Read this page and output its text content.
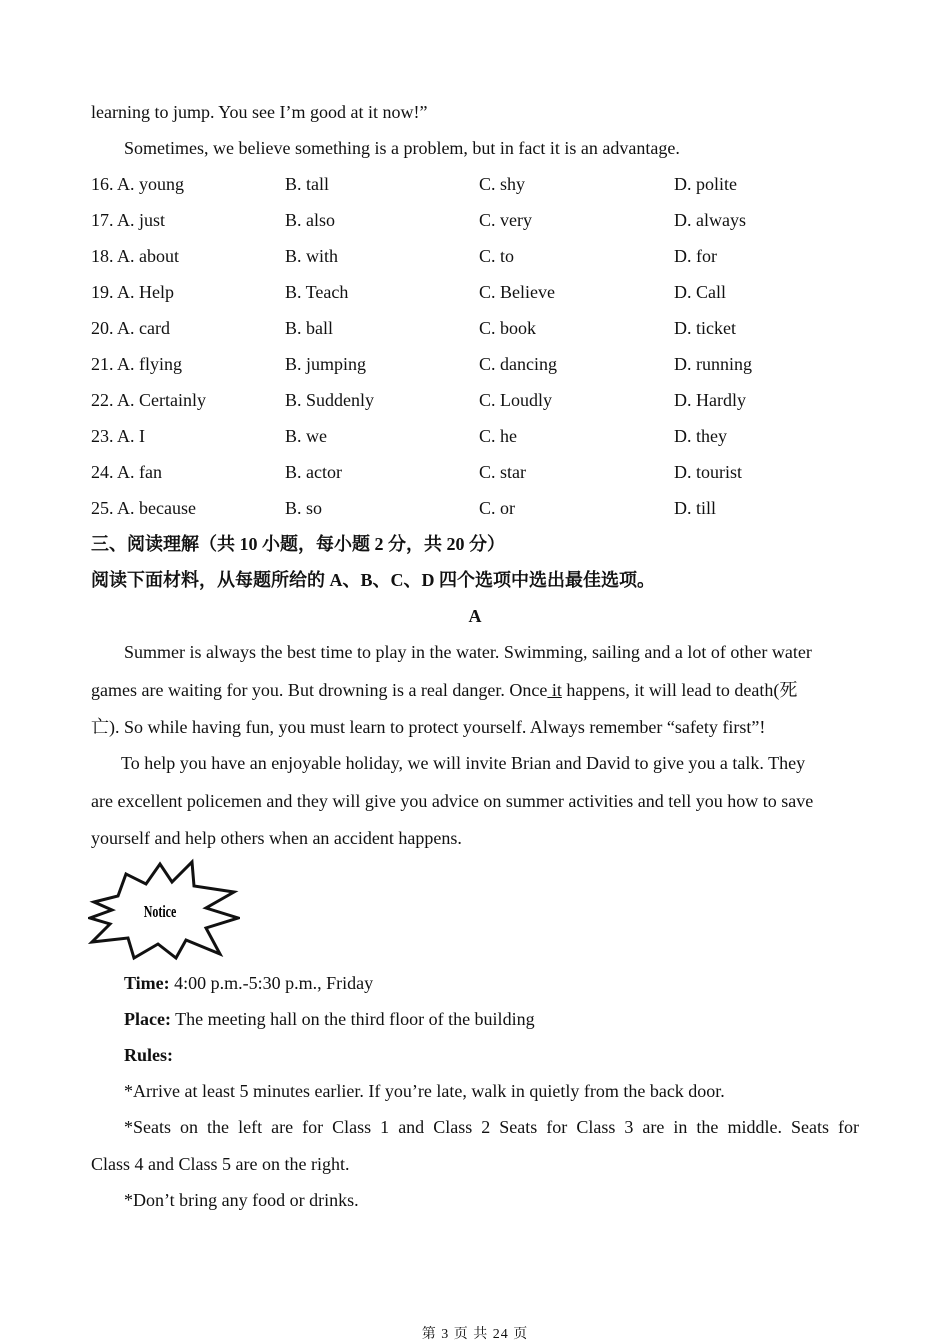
learning to jump. You see I’m good at it now!”
Sometimes, we believe something is a problem, but in fact it is an advantage.
16. A. young	B. tall	C. shy	D. polite
17. A. just	B. also	C. very	D. always
18. A. about	B. with	C. to	D. for
19. A. Help	B. Teach	C. Believe	D. Call
20. A. card	B. ball	C. book	D. ticket
21. A. flying	B. jumping	C. dancing	D. running
22. A. Certainly	B. Suddenly	C. Loudly	D. Hardly
23. A. I	B. we	C. he	D. they
24. A. fan	B. actor	C. star	D. tourist
25. A. because	B. so	C. or	D. till
三、阅读理解（共 10 小题，每小题 2 分，共 20 分）
阅读下面材料，从每题所给的 A、B、C、D 四个选项中选出最佳选项。
A
Summer is always the best time to play in the water. Swimming, sailing and a lot of other water
games are waiting for you. But drowning is a real danger. Once it happens, it will lead to death(死
亡). So while having fun, you must learn to protect yourself. Always remember “safety first”!
To help you have an enjoyable holiday, we will invite Brian and David to give you a talk. They
are excellent policemen and they will give you advice on summer activities and tell you how to save
yourself and help others when an accident happens.
Notice
Time: 4:00 p.m.-5:30 p.m., Friday
Place: The meeting hall on the third floor of the building
Rules:
*Arrive at least 5 minutes earlier. If you’re late, walk in quietly from the back door.
*Seats on the left are for Class 1 and Class 2 Seats for Class 3 are in the middle. Seats for
Class 4 and Class 5 are on the right.
*Don’t bring any food or drinks.
第 3 页 共 24 页
